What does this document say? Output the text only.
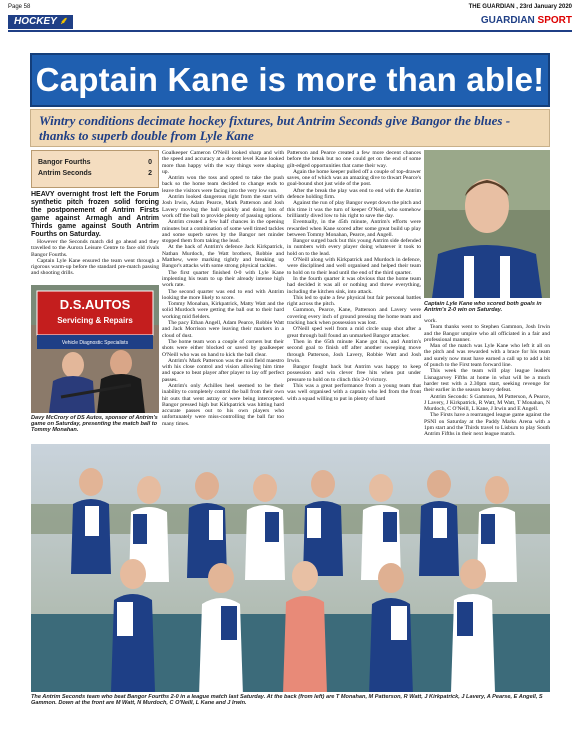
Page 58	THE GUARDIAN , 23rd January 2020
HOCKEY ⸙	GUARDIAN SPORT
Captain Kane is more than able!

Wintry conditions decimate hockey fixtures, but Antrim Seconds give Bangor the blues - thanks to superb double from Lyle Kane

Bangor Fourths	0
Antrim Seconds	2

HEAVY overnight frost left the Forum synthetic pitch frozen solid forcing the postponement of Antrim Firsts game against Armagh and Antrim Thirds game against South Antrim Fourths on Saturday.

However the Seconds match did go ahead and they travelled to the Aurora Leisure Centre to face old rivals Bangor Fourths.

Captain Lyle Kane ensured the team went through a rigorous warm-up before the standard pre-match passing and shooting drills.

D.S.AUTOS
Servicing & Repairs
Vehicle Diagnostic Specialists
Davy McCrory of DS Autos, sponsor of Antrim's game on Saturday, presenting the match ball to Tommy Monahan.

Goalkeeper Cameron O'Neill looked sharp and with the speed and accuracy at a decent level Kane looked more than happy with the way things were shaping up.

Antrim won the toss and opted to take the push back so the home team decided to change ends to leave the visitors were facing into the very low sun.

Antrim looked dangerous right from the start with Josh Irwin, Adam Pearce, Mark Patterson and Josh Lavery moving the ball quickly and doing lots of work off the ball to provide plenty of passing options.

Antrim created a few half chances in the opening minutes but a combination of some well timed tackles and some superb saves by the Bangor net minder stopped them from taking the lead.

At the back of Antrim's defence Jack Kirkpatrick, Nathan Murdoch, the Watt brothers, Robbie and Matthew, were marking tightly and breaking up Bangor's attacks with some strong physical tackles.

The first quarter finished 0-0 with Lyle Kane implenting his team to up their already intense high work rate.

The second quarter was end to end with Antrim looking the more likely to score.

Tommy Monahan, Kirkpatrick, Matty Watt and the solid Murdoch were getting the ball out to their hard working mid fielders.

The pacy Ethan Angell, Adam Pearce, Robbie Watt and Jack Morrison were leaving their markers in a cloud of dust.

The home team won a couple of corners but their shots were either blocked or saved by goalkeeper O'Neill who was on hand to kick the ball clear.

Antrim's Mark Patterson was the mid field maestro with his close control and vision allowing him time and space to beat player after player to lay off perfect passes.

Antrim's only Achilles heel seemed to be their inability to completely control the ball from their own hit outs that went astray or were being intercepted. Bangor pressed high but Kirkpatrick was hitting hard accurate passes out to his own players who unfortunately were miss-controlling the ball far too many times.

Patterson and Pearce created a few more decent chances before the break but no one could get on the end of some gilt-edged opportunities that came their way.

Again the home keeper pulled off a couple of top-drawer saves, one of which was an amazing dive to thwart Pearce's goal-bound shot just wide of the post.

After the break the play was end to end with the Antrim defence holding firm.

Against the run of play Bangor swept down the pitch and this time it was the turn of keeper O'Neill, who somehow brilliantly dived low to his right to save the day.

Eventually, in the 45th minute, Antrim's efforts were rewarded when Kane scored after some great build up play between Tommy Monahan, Pearce, and Angell.

Bangor surged back but this young Antrim side defended in numbers with every player doing whatever it took to hold on to the lead.

O'Neill along with Kirkpatrick and Murdoch in defence, were disciplined and well organised and helped their team to hold on to their lead until the end of the third quarter.

In the fourth quarter it was obvious that the home team had decided it was all or nothing and threw everything, including the kitchen sink, into attack.

This led to quite a few physical but fair personal battles right across the pitch.

Gammon, Pearce, Kane, Patterson and Lavery were covering every inch of ground pressing the home team and tracking back when possession was lost.

O'Neill sped well from a mid circle snap shot after a great through ball found an unmarked Bangor attacker.

Then in the 65th minute Kane got his, and Antrim's second goal to finish off after another sweeping move through Patterson, Josh Lavery, Robbie Watt and Josh Irwin.

Bangor fought back but Antrim was happy to keep possession and win clever free hits when put under pressure to hold on to clinch this 2-0 victory.

This was a great performance from a young team that was well organised with a captain who led from the front with a squad willing to put in plenty of hard

Captain Lyle Kane who scored both goals in Antrim's 2-0 win on Saturday.

work.

Team thanks went to Stephen Gammon, Josh Irwin and the Bangor umpire who all officiated in a fair and professional manner.

Man of the match was Lyle Kane who left it all on the pitch and was rewarded with a brace for his team and surely now must have earned a call up to add a bit of punch to the First team forward line.

This week the team will play league leaders Lisnagarvey Fifths at home in what will be a much harder test with a 2.30pm start, seeking revenge for their earlier in the season heavy defeat.

Antrim Seconds: S Gammon, M Patterson, A Pearce, J Lavery, J Kirkpatrick, R Watt, M Watt, T Monahan, N Murdoch, C O'Neill, L Kane, J Irwin and E Angell.

The Firsts have a rearranged league game against the PSNI on Saturday at the Paddy Marks Arena with a 1pm start and the Thirds travel to Lisburn to play South Antrim Fifths in their next league match.

The Antrim Seconds team who beat Bangor Fourths 2-0 in a league match last Saturday. At the back (from left) are T Monahan, M Patterson, R Watt, J Kirkpatrick, J Lavery, A Pearse, E Angell, S Gammon. Down at the front are M Watt, N Murdoch, C O'Neill, L Kane and J Irwin.
